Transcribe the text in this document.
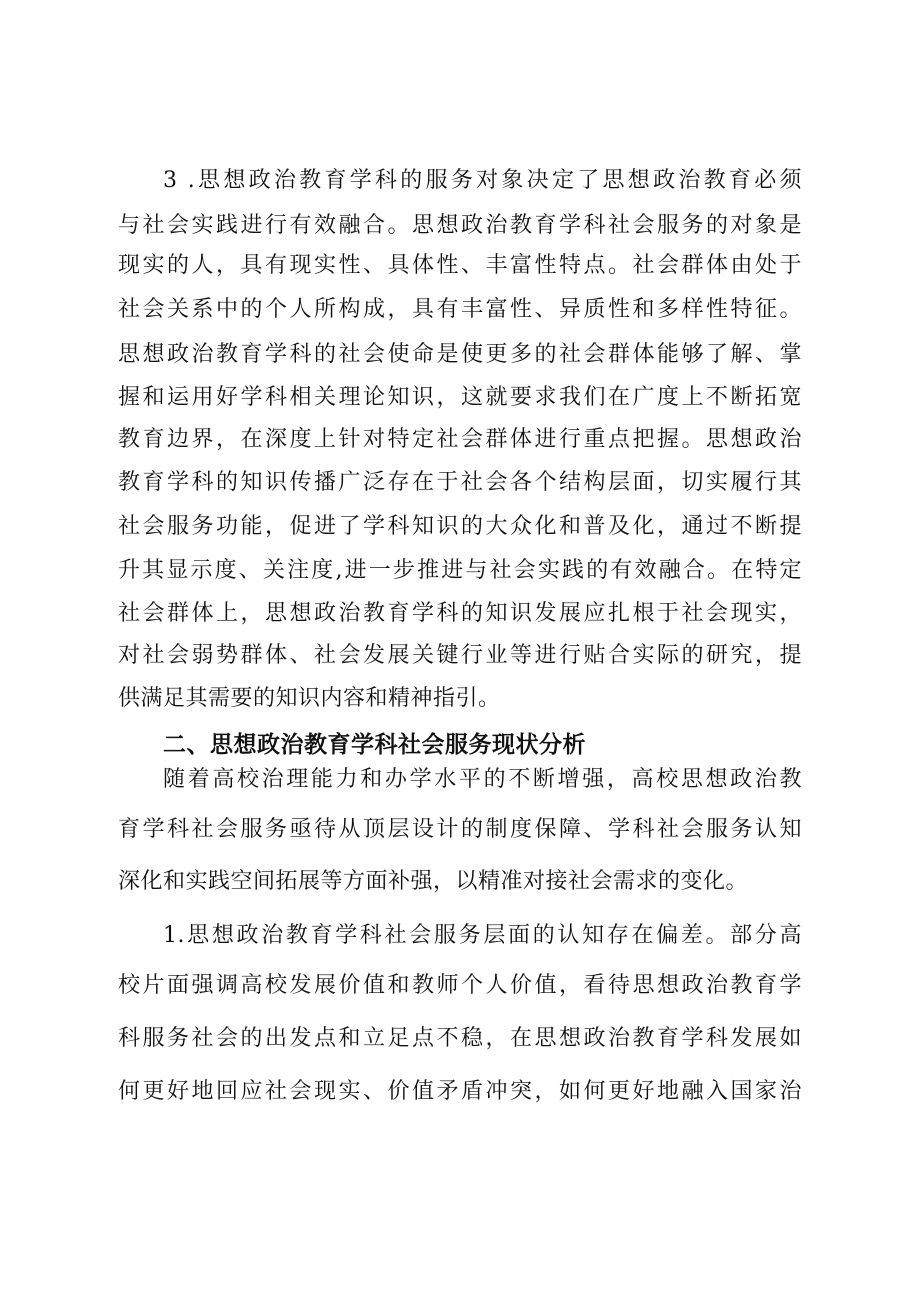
3 .思想政治教育学科的服务对象决定了思想政治教育必须
与社会实践进行有效融合。思想政治教育学科社会服务的对象是
现实的人，具有现实性、具体性、丰富性特点。社会群体由处于
社会关系中的个人所构成，具有丰富性、异质性和多样性特征。
思想政治教育学科的社会使命是使更多的社会群体能够了解、掌
握和运用好学科相关理论知识，这就要求我们在广度上不断拓宽
教育边界，在深度上针对特定社会群体进行重点把握。思想政治
教育学科的知识传播广泛存在于社会各个结构层面，切实履行其
社会服务功能，促进了学科知识的大众化和普及化，通过不断提
升其显示度、关注度,进一步推进与社会实践的有效融合。在特定
社会群体上，思想政治教育学科的知识发展应扎根于社会现实，
对社会弱势群体、社会发展关键行业等进行贴合实际的研究，提
供满足其需要的知识内容和精神指引。
二、思想政治教育学科社会服务现状分析
随着高校治理能力和办学水平的不断增强，高校思想政治教
育学科社会服务亟待从顶层设计的制度保障、学科社会服务认知
深化和实践空间拓展等方面补强，以精准对接社会需求的变化。
1.思想政治教育学科社会服务层面的认知存在偏差。部分高
校片面强调高校发展价值和教师个人价值，看待思想政治教育学
科服务社会的出发点和立足点不稳，在思想政治教育学科发展如
何更好地回应社会现实、价值矛盾冲突，如何更好地融入国家治
